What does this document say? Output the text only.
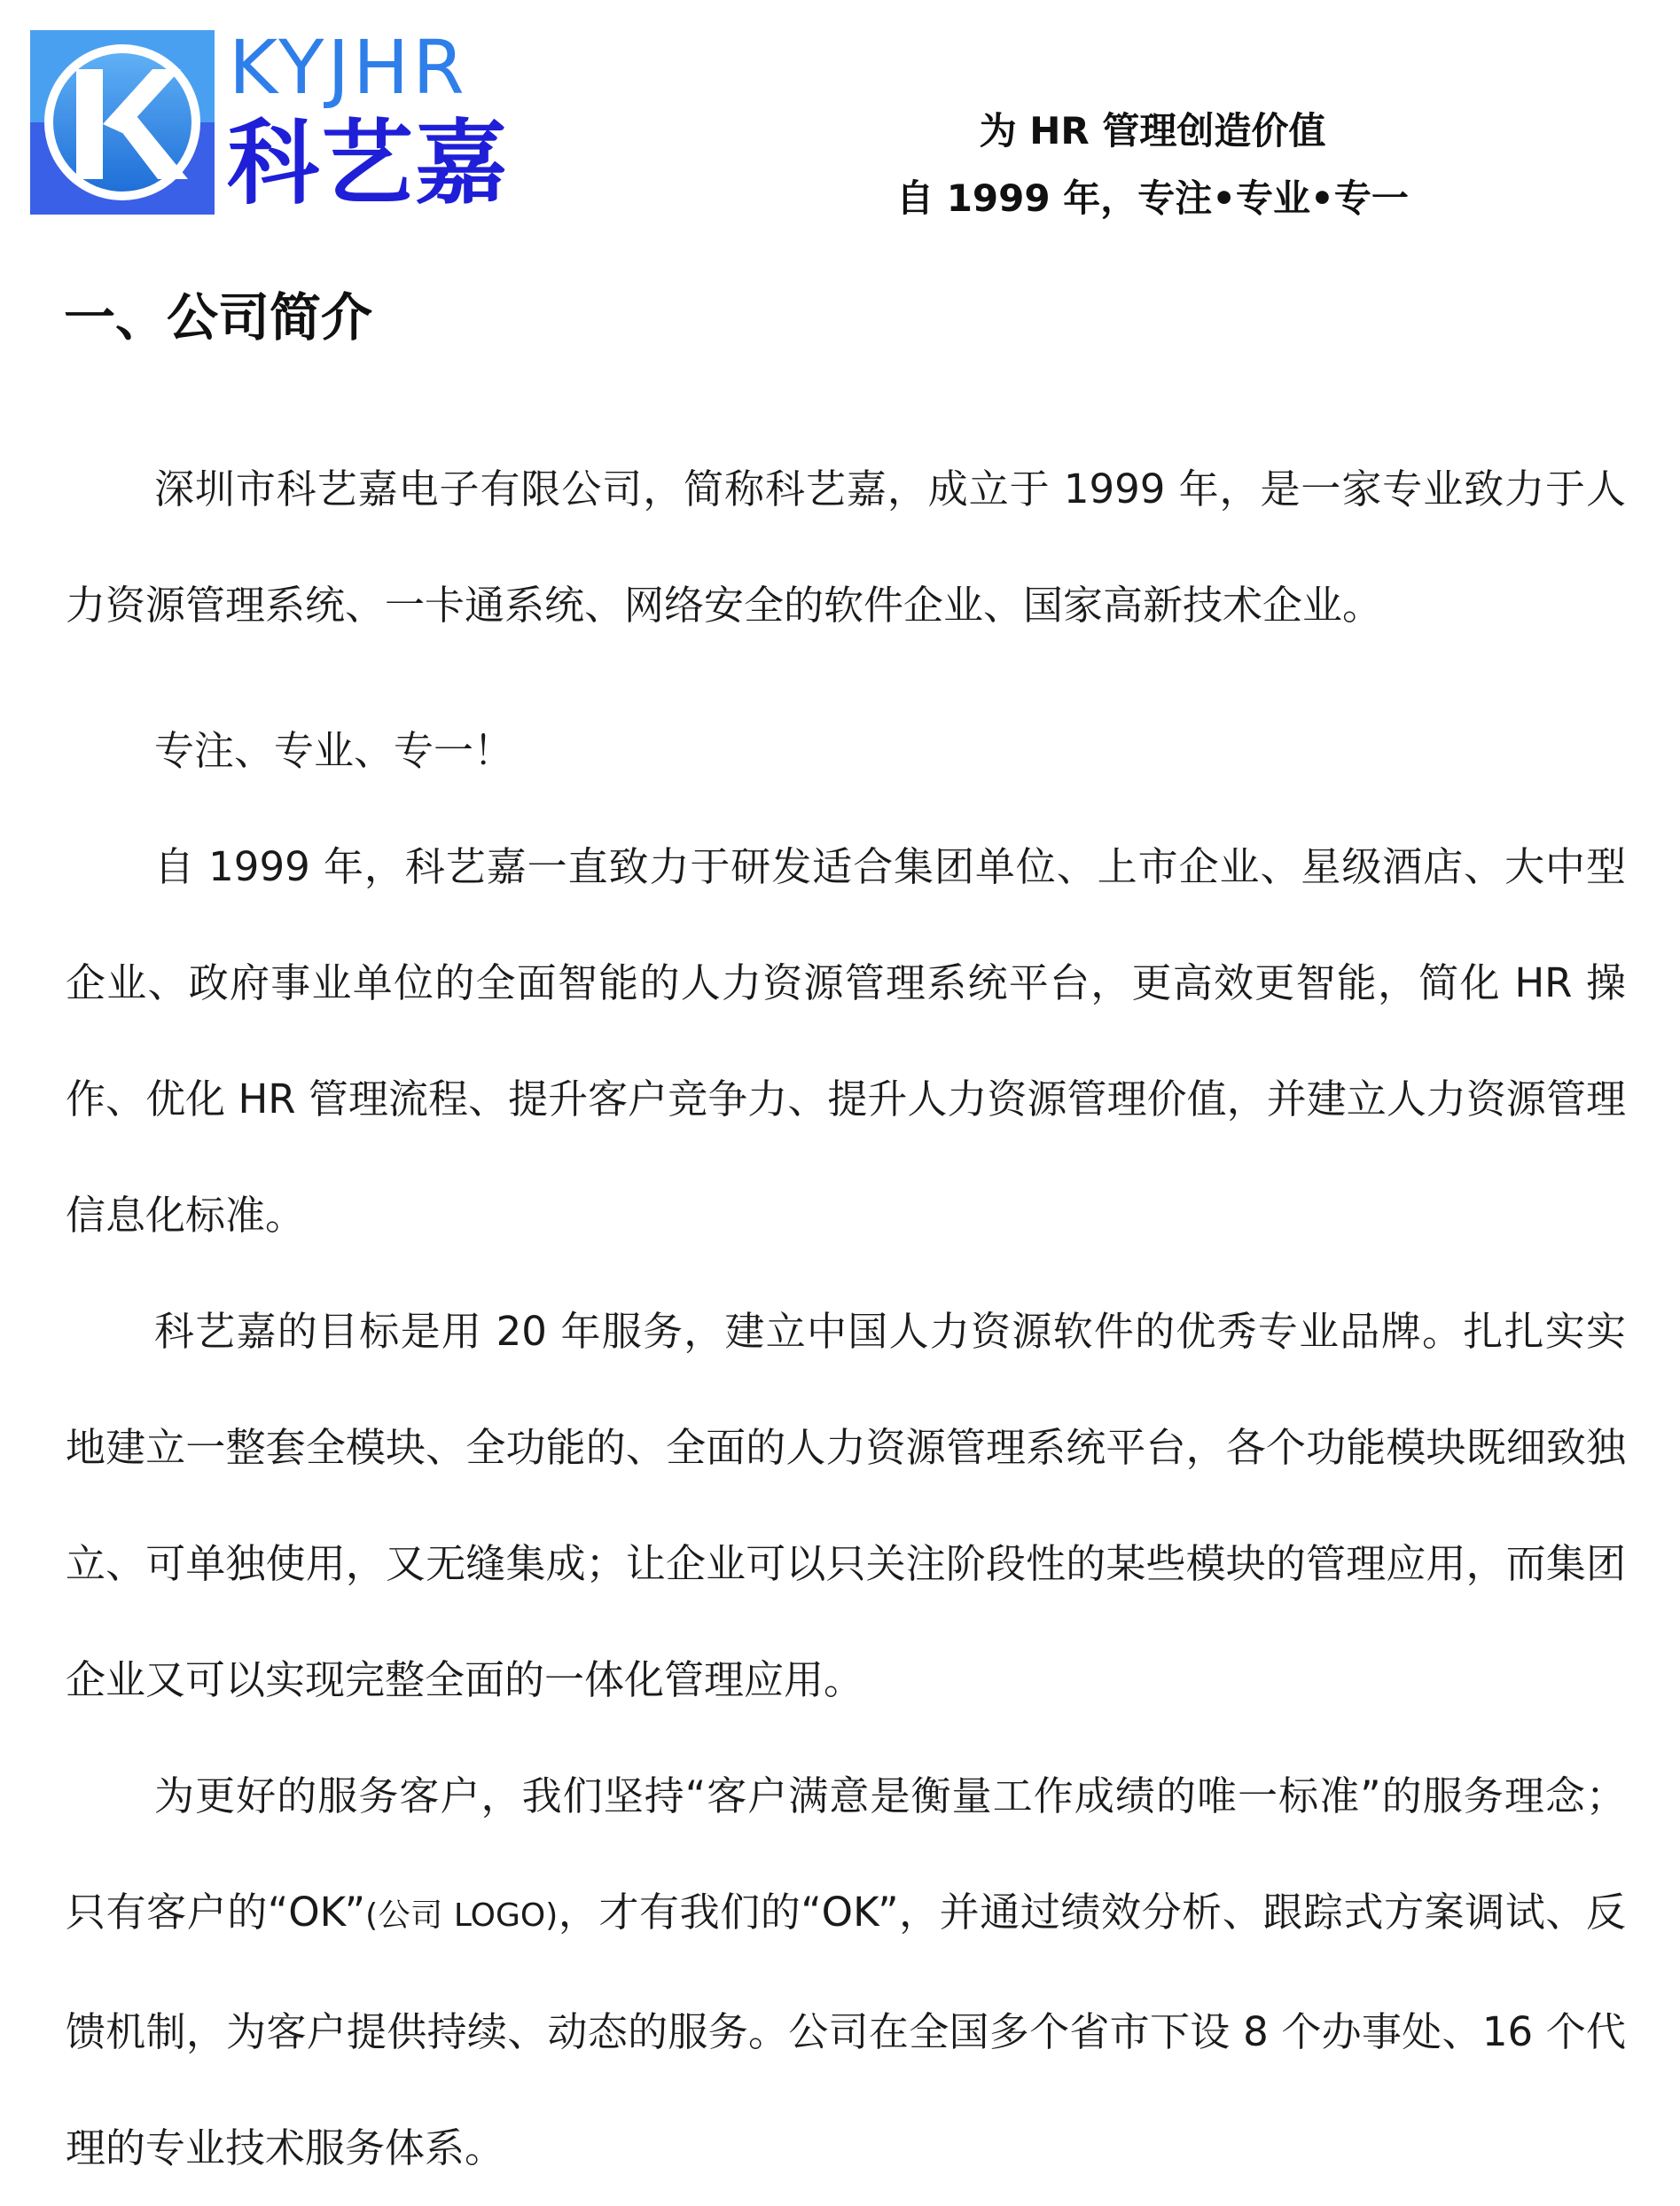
KYJHR
科艺嘉	为 HR 管理创造价值
自 1999 年，专注•专业•专一
一、公司简介

深圳市科艺嘉电子有限公司，简称科艺嘉，成立于 1999 年，是一家专业致力于人力资源管理系统、一卡通系统、网络安全的软件企业、国家高新技术企业。

专注、专业、专一！

自 1999 年，科艺嘉一直致力于研发适合集团单位、上市企业、星级酒店、大中型企业、政府事业单位的全面智能的人力资源管理系统平台，更高效更智能，简化 HR 操作、优化 HR 管理流程、提升客户竞争力、提升人力资源管理价值，并建立人力资源管理信息化标准。

科艺嘉的目标是用 20 年服务，建立中国人力资源软件的优秀专业品牌。扎扎实实地建立一整套全模块、全功能的、全面的人力资源管理系统平台，各个功能模块既细致独立、可单独使用，又无缝集成；让企业可以只关注阶段性的某些模块的管理应用，而集团企业又可以实现完整全面的一体化管理应用。

为更好的服务客户，我们坚持“客户满意是衡量工作成绩的唯一标准”的服务理念；只有客户的“OK”(公司 LOGO)，才有我们的“OK”，并通过绩效分析、跟踪式方案调试、反馈机制，为客户提供持续、动态的服务。公司在全国多个省市下设 8 个办事处、16 个代理的专业技术服务体系。
